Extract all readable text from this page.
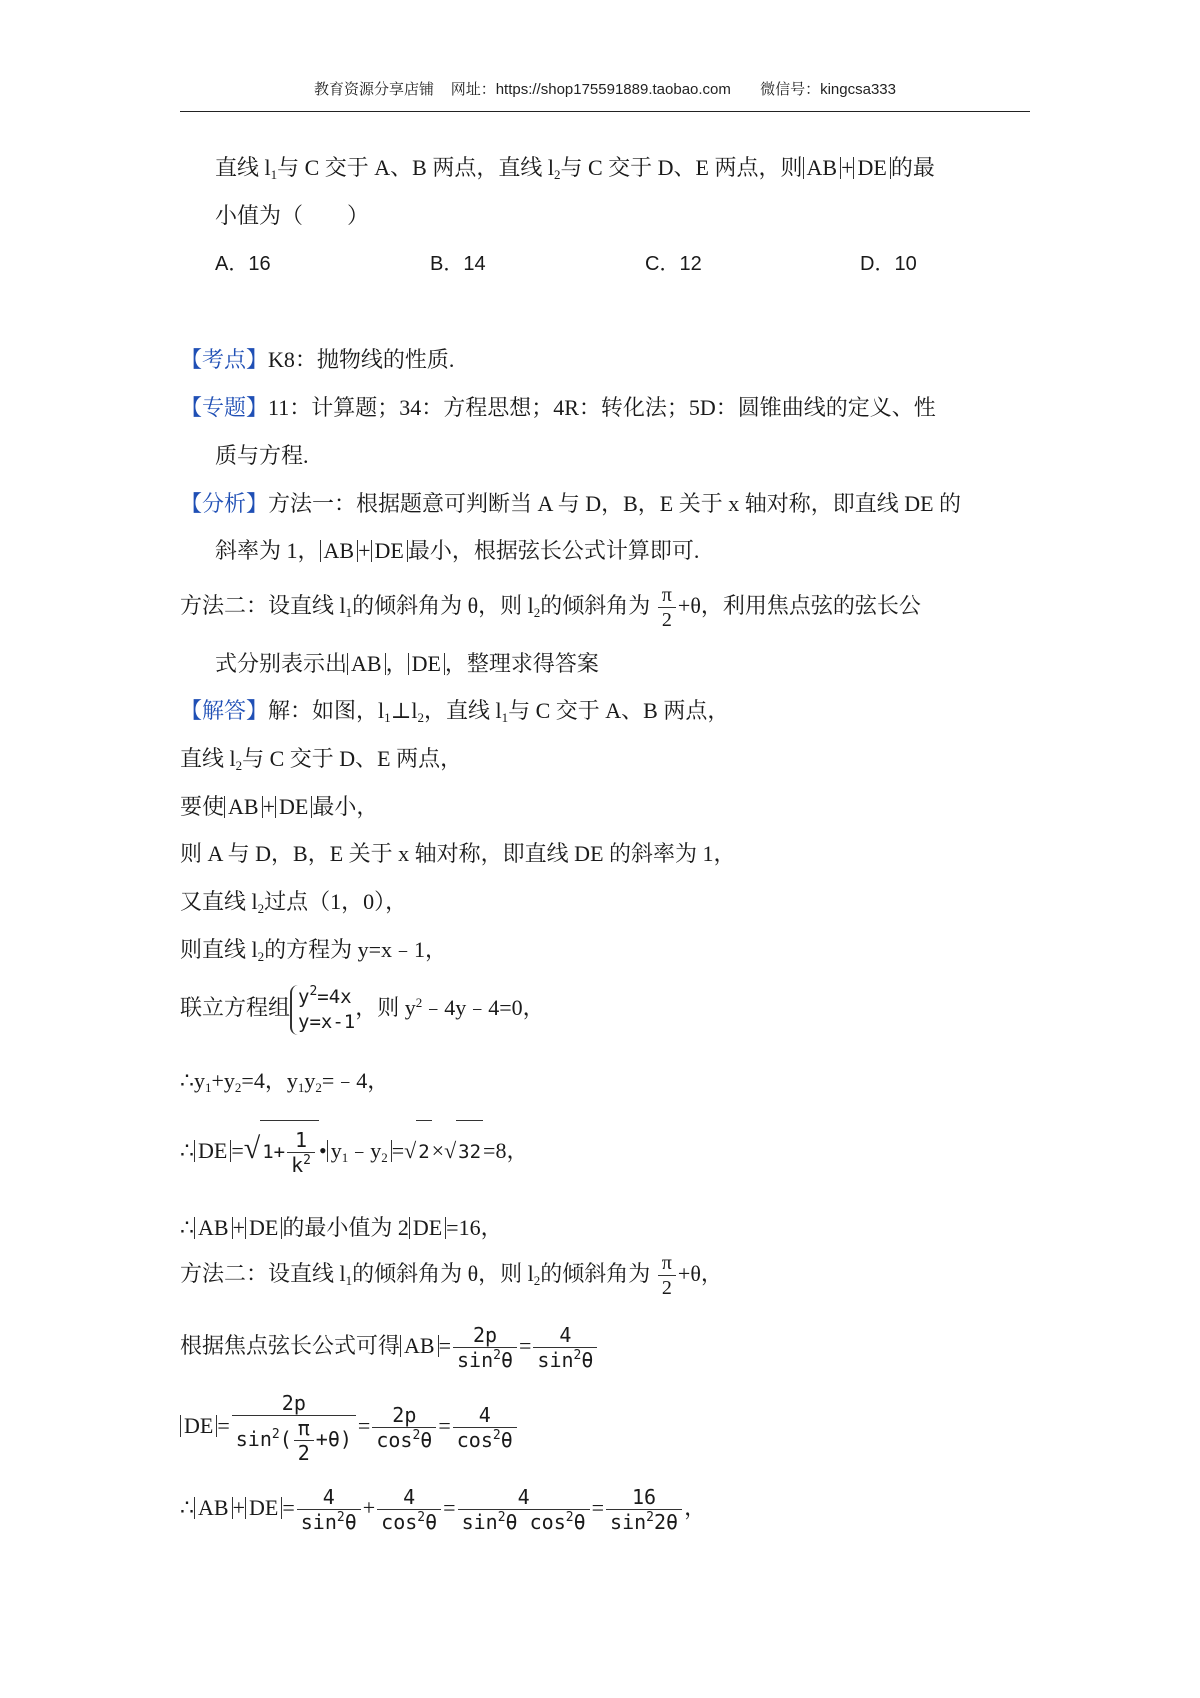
教育资源分享店铺 网址：https://shop175591889.taobao.com 微信号：kingcsa333
直线 $l_1$与 C 交于 A、B 两点，直线 $l_2$与 C 交于 D、E 两点，则 AB + DE 的最
小值为（　　）
A．16	B．14	C．12	D．10
【考点】K8：抛物线的性质.
【专题】11：计算题；34：方程思想；4R：转化法；5D：圆锥曲线的定义、性
质与方程.
【分析】方法一：根据题意可判断当 A 与 D，B，E 关于 x 轴对称，即直线 DE 的
斜率为 1， AB + DE 最小，根据弦长公式计算即可.
方法二：设直线 $l_1$的倾斜角为 θ，则 $l_2$的倾斜角为 $\frac{\pi}{2} +\theta$，利用焦点弦的弦长公
式分别表示出 AB ， DE ，整理求得答案
【解答】解：如图，$l_1\perp l_2$，直线 $l_1$与 C 交于 A、B 两点，
直线 $l_2$与 C 交于 D、E 两点，
要使 AB + DE 最小，
则 A 与 D，B，E 关于 x 轴对称，即直线 DE 的斜率为 1，
又直线 $l_2$过点（1，0），
则直线 $l_2$的方程为 y=x﹣1，
联立方程组 $y^2=4x$
y=x-1
，则 $y^2﹣4y﹣4=0$，
$\therefore y_1+y_2=4$，$y_1y_2=﹣4$，
∴ DE =√ $1+ \frac{1}{k^2}$ • $y_1﹣y_2$ =√ 2×√ 32=8，
∴ AB + DE 的最小值为 2 DE =16，
方法二：设直线 $l_1$的倾斜角为 θ，则 $l_2$的倾斜角为 $\frac{\pi}{2} +\theta$，
根据焦点弦长公式可得 AB = $\frac{2p}{\sin^2\theta} = \frac{4}{\sin^2\theta}$
DE = $\frac{2p}{\sin^2( \frac{\pi}{2} +\theta)} = \frac{2p}{\cos^2\theta} = \frac{4}{\cos^2\theta}$
∴ AB + DE = $\frac{4}{\sin^2\theta} + \frac{4}{\cos^2\theta} = \frac{4}{\sin^2\theta \cos^2\theta} = \frac{16}{\sin^22\theta}$ ，
